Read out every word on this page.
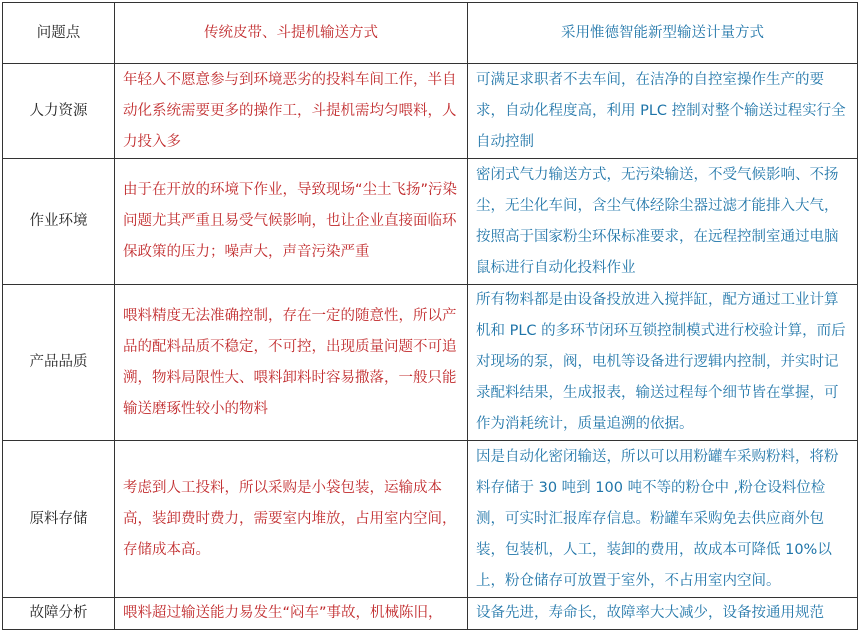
问题点	传统皮带、斗提机输送方式	采用惟德智能新型输送计量方式
人力资源	年轻人不愿意参与到环境恶劣的投料车间工作，半自动化系统需要更多的操作工，斗提机需均匀喂料，人力投入多	可满足求职者不去车间，在洁净的自控室操作生产的要求，自动化程度高，利用 PLC 控制对整个输送过程实行全自动控制
作业环境	由于在开放的环境下作业，导致现场“尘土飞扬”污染问题尤其严重且易受气候影响，也让企业直接面临环保政策的压力；噪声大，声音污染严重	密闭式气力输送方式，无污染输送，不受气候影响、不扬尘，无尘化车间，含尘气体经除尘器过滤才能排入大气，按照高于国家粉尘环保标准要求，在远程控制室通过电脑鼠标进行自动化投料作业
产品品质	喂料精度无法准确控制，存在一定的随意性，所以产品的配料品质不稳定，不可控，出现质量问题不可追溯，物料局限性大、喂料卸料时容易撒落，一般只能输送磨琢性较小的物料	所有物料都是由设备投放进入搅拌缸，配方通过工业计算机和 PLC 的多环节闭环互锁控制模式进行校验计算，而后对现场的泵，阀，电机等设备进行逻辑内控制，并实时记录配料结果，生成报表，输送过程每个细节皆在掌握，可作为消耗统计，质量追溯的依据。
原料存储	考虑到人工投料，所以采购是小袋包装，运输成本高，装卸费时费力，需要室内堆放，占用室内空间，存储成本高。	因是自动化密闭输送，所以可以用粉罐车采购粉料，将粉料存储于 30 吨到 100 吨不等的粉仓中 ,粉仓设料位检测，可实时汇报库存信息。粉罐车采购免去供应商外包装，包装机，人工，装卸的费用，故成本可降低 10%以上，粉仓储存可放置于室外，不占用室内空间。
故障分析	喂料超过输送能力易发生“闷车”事故，机械陈旧，	设备先进，寿命长，故障率大大减少，设备按通用规范
